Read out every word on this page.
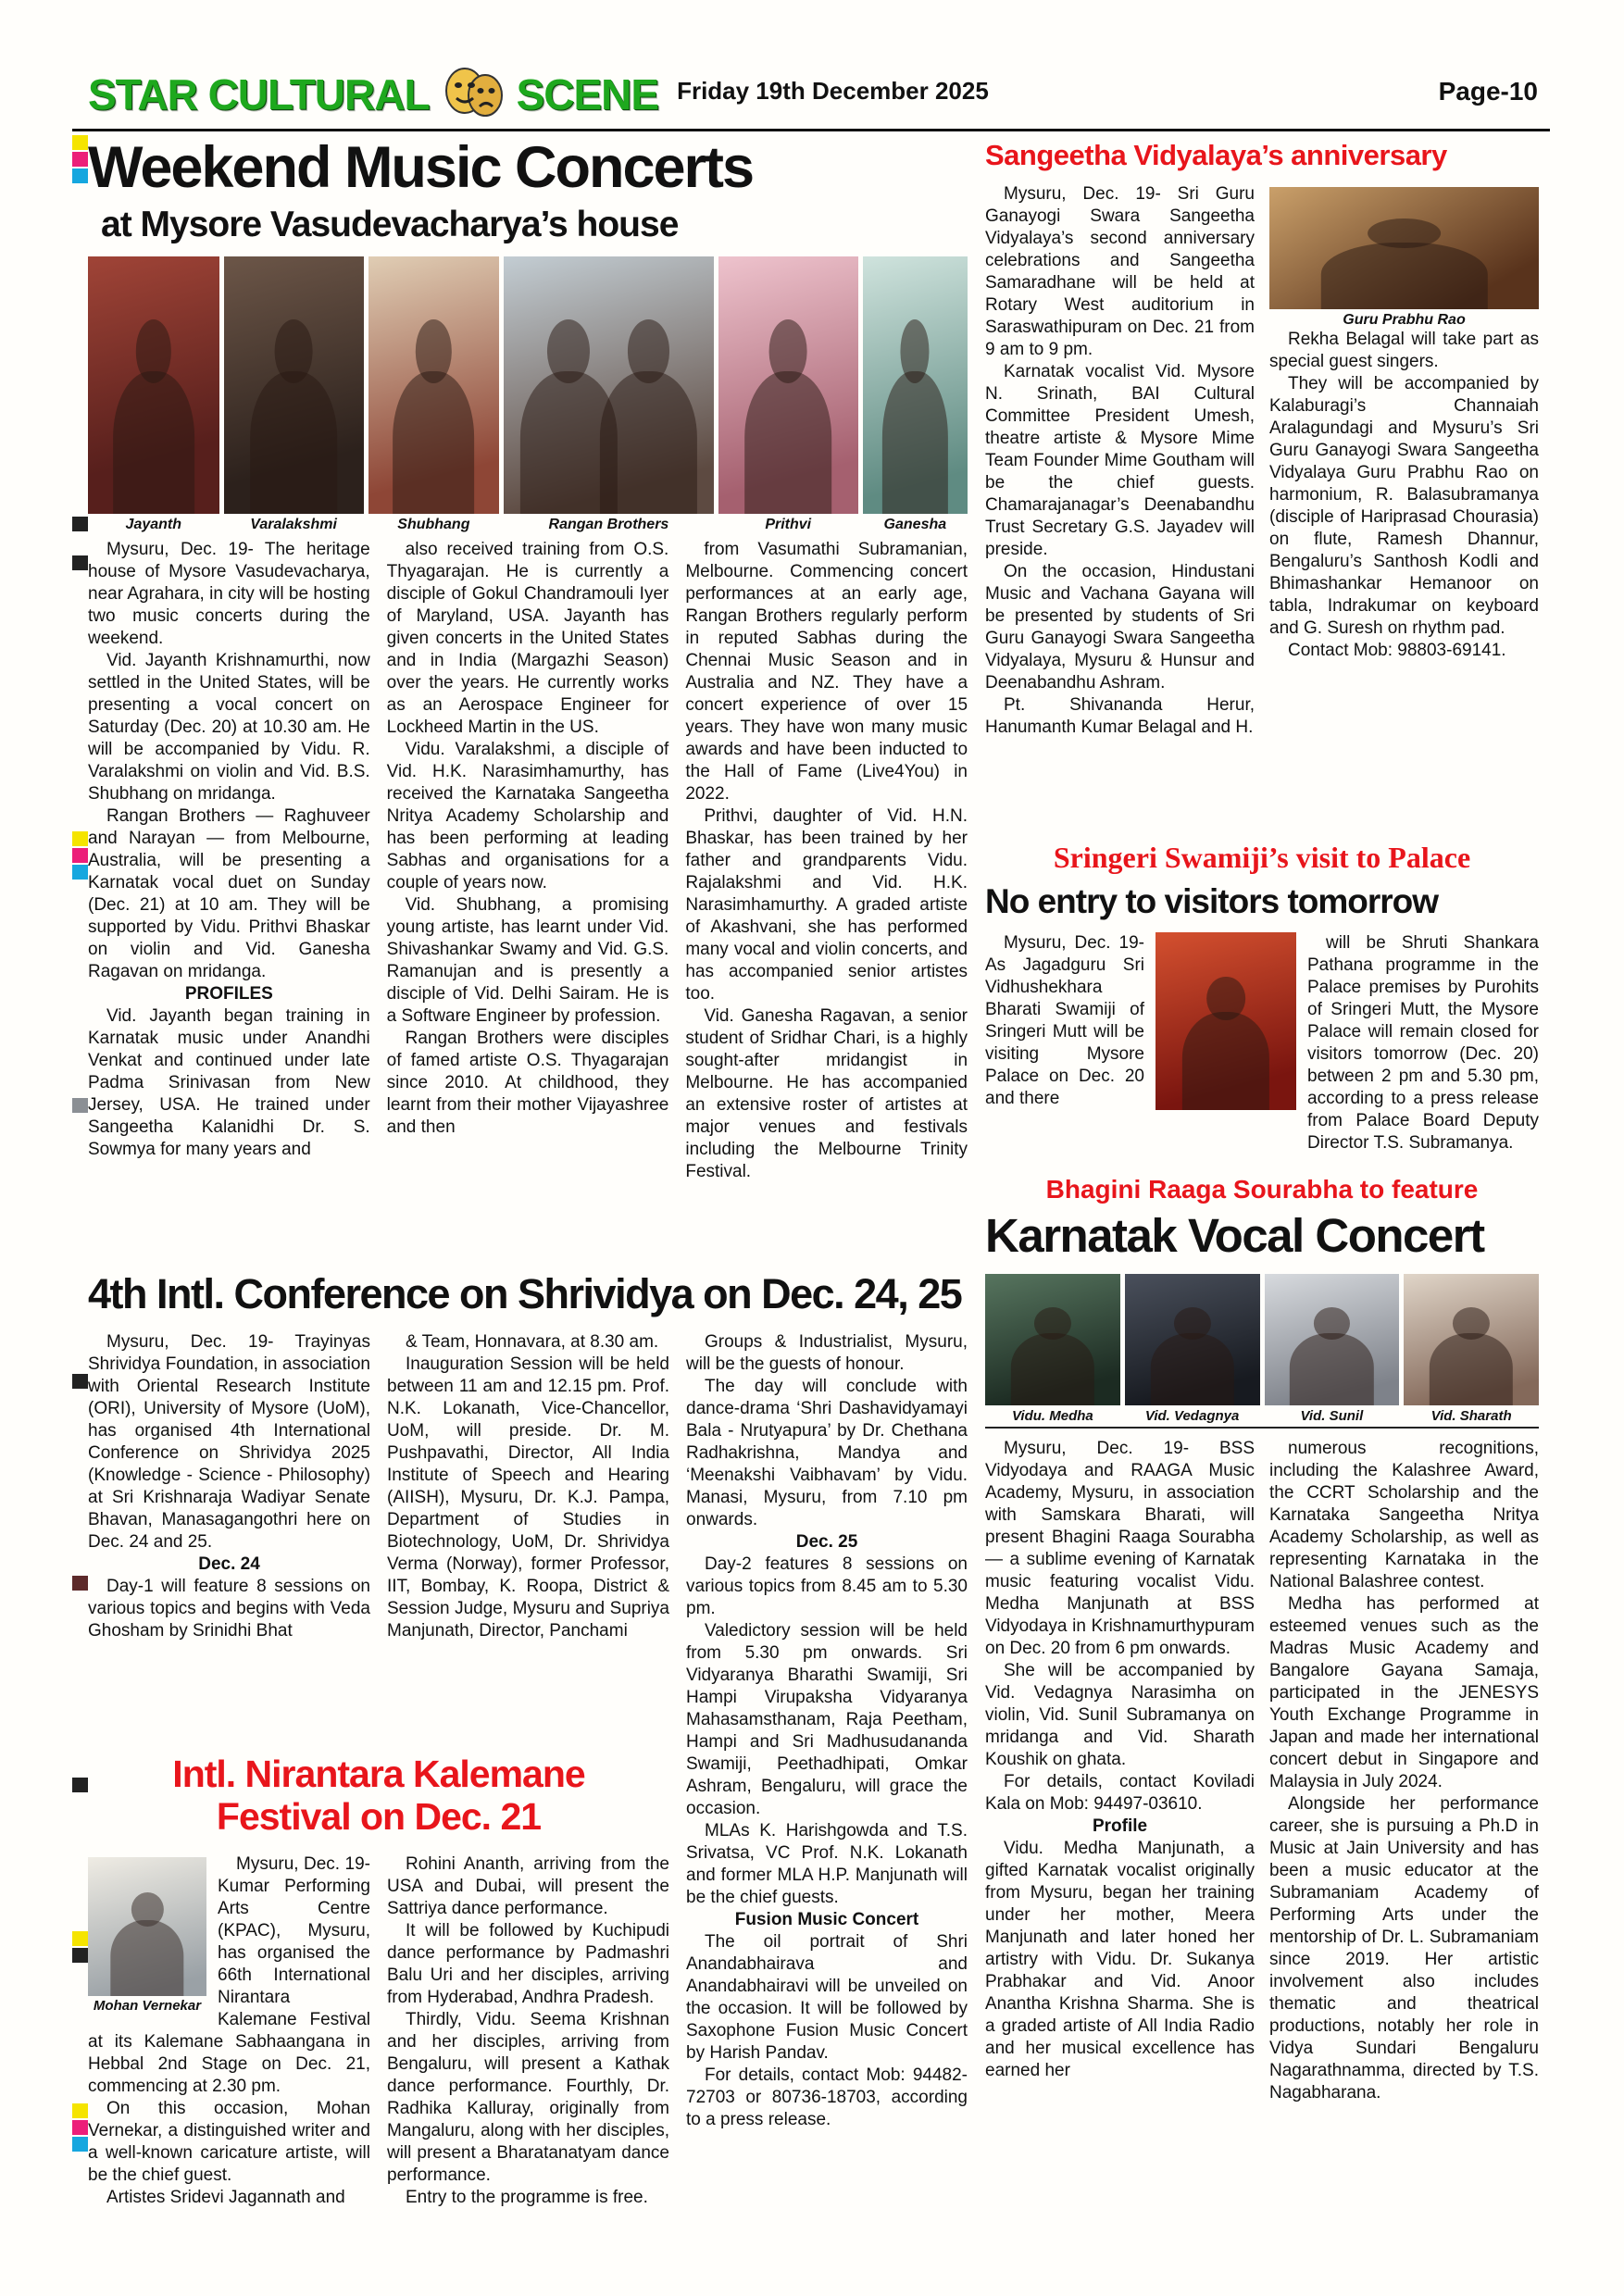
STAR CULTURAL SCENE Friday 19th December 2025	Page-10
Weekend Music Concerts
at Mysore Vasudevacharya’s house
Jayanth	Varalakshmi	Shubhang	Rangan Brothers	Prithvi	Ganesha

Mysuru, Dec. 19- The heritage house of Mysore Vasudevacharya, near Agrahara, in city will be hosting two music concerts during the weekend.

Vid. Jayanth Krishnamurthi, now settled in the United States, will be presenting a vocal concert on Saturday (Dec. 20) at 10.30 am. He will be accompanied by Vidu. R. Varalakshmi on violin and Vid. B.S. Shubhang on mridanga.

Rangan Brothers — Raghuveer and Narayan — from Melbourne, Australia, will be presenting a Karnatak vocal duet on Sunday (Dec. 21) at 10 am. They will be supported by Vidu. Prithvi Bhaskar on violin and Vid. Ganesha Ragavan on mridanga.

PROFILES

Vid. Jayanth began training in Karnatak music under Anandhi Venkat and continued under late Padma Srinivasan from New Jersey, USA. He trained under Sangeetha Kalanidhi Dr. S. Sowmya for many years and

also received training from O.S. Thyagarajan. He is currently a disciple of Gokul Chandramouli Iyer of Maryland, USA. Jayanth has given concerts in the United States and in India (Margazhi Season) over the years. He currently works as an Aerospace Engineer for Lockheed Martin in the US.

Vidu. Varalakshmi, a disciple of Vid. H.K. Narasimhamurthy, has received the Karnataka Sangeetha Nritya Academy Scholarship and has been performing at leading Sabhas and organisations for a couple of years now.

Vid. Shubhang, a promising young artiste, has learnt under Vid. Shivashankar Swamy and Vid. G.S. Ramanujan and is presently a disciple of Vid. Delhi Sairam. He is a Software Engineer by profession.

Rangan Brothers were disciples of famed artiste O.S. Thyagarajan since 2010. At childhood, they learnt from their mother Vijayashree and then

from Vasumathi Subramanian, Melbourne. Commencing concert performances at an early age, Rangan Brothers regularly perform in reputed Sabhas during the Chennai Music Season and in Australia and NZ. They have a concert experience of over 15 years. They have won many music awards and have been inducted to the Hall of Fame (Live4You) in 2022.

Prithvi, daughter of Vid. H.N. Bhaskar, has been trained by her father and grandparents Vidu. Rajalakshmi and Vid. H.K. Narasimhamurthy. A graded artiste of Akashvani, she has performed many vocal and violin concerts, and has accompanied senior artistes too.

Vid. Ganesha Ragavan, a senior student of Sridhar Chari, is a highly sought-after mridangist in Melbourne. He has accompanied an extensive roster of artistes at major venues and festivals including the Melbourne Trinity Festival.

4th Intl. Conference on Shrividya on Dec. 24, 25

Mysuru, Dec. 19- Trayinyas Shrividya Foundation, in association with Oriental Research Institute (ORI), University of Mysore (UoM), has organised 4th International Conference on Shrividya 2025 (Knowledge - Science - Philosophy) at Sri Krishnaraja Wadiyar Senate Bhavan, Manasagangothri here on Dec. 24 and 25.

Dec. 24

Day-1 will feature 8 sessions on various topics and begins with Veda Ghosham by Srinidhi Bhat

& Team, Honnavara, at 8.30 am.

Inauguration Session will be held between 11 am and 12.15 pm. Prof. N.K. Lokanath, Vice-Chancellor, UoM, will preside. Dr. M. Pushpavathi, Director, All India Institute of Speech and Hearing (AIISH), Mysuru, Dr. K.J. Pampa, Department of Studies in Biotechnology, UoM, Dr. Shrividya Verma (Norway), former Professor, IIT, Bombay, K. Roopa, District & Session Judge, Mysuru and Supriya Manjunath, Director, Panchami

Intl. Nirantara Kalemane
Festival on Dec. 21
Mohan Vernekar

Mysuru, Dec. 19- Kumar Performing Arts Centre (KPAC), Mysuru, has organised the 66th International Nirantara Kalemane Festival at its Kalemane Sabhaangana in Hebbal 2nd Stage on Dec. 21, commencing at 2.30 pm.

On this occasion, Mohan Vernekar, a distinguished writer and a well-known caricature artiste, will be the chief guest.

Artistes Sridevi Jagannath and

Rohini Ananth, arriving from the USA and Dubai, will present the Sattriya dance performance.

It will be followed by Kuchipudi dance performance by Padmashri Balu Uri and her disciples, arriving from Hyderabad, Andhra Pradesh.

Thirdly, Vidu. Seema Krishnan and her disciples, arriving from Bengaluru, will present a Kathak dance performance. Fourthly, Dr. Radhika Kalluray, originally from Mangaluru, along with her disciples, will present a Bharatanatyam dance performance.

Entry to the programme is free.

Groups & Industrialist, Mysuru, will be the guests of honour.

The day will conclude with dance-drama ‘Shri Dashavidyamayi Bala - Nrutyapura’ by Dr. Chethana Radhakrishna, Mandya and ‘Meenakshi Vaibhavam’ by Vidu. Manasi, Mysuru, from 7.10 pm onwards.

Dec. 25

Day-2 features 8 sessions on various topics from 8.45 am to 5.30 pm.

Valedictory session will be held from 5.30 pm onwards. Sri Vidyaranya Bharathi Swamiji, Sri Hampi Virupaksha Vidyaranya Mahasamsthanam, Raja Peetham, Hampi and Sri Madhusudananda Swamiji, Peethadhipati, Omkar Ashram, Bengaluru, will grace the occasion.

MLAs K. Harishgowda and T.S. Srivatsa, VC Prof. N.K. Lokanath and former MLA H.P. Manjunath will be the chief guests.

Fusion Music Concert

The oil portrait of Shri Anandabhairava and Anandabhairavi will be unveiled on the occasion. It will be followed by Saxophone Fusion Music Concert by Harish Pandav.

For details, contact Mob: 94482-72703 or 80736-18703, according to a press release.

Sangeetha Vidyalaya’s anniversary

Mysuru, Dec. 19- Sri Guru Ganayogi Swara Sangeetha Vidyalaya’s second anniversary celebrations and Sangeetha Samaradhane will be held at Rotary West auditorium in Saraswathipuram on Dec. 21 from 9 am to 9 pm.

Karnatak vocalist Vid. Mysore N. Srinath, BAI Cultural Committee President Umesh, theatre artiste & Mysore Mime Team Founder Mime Goutham will be the chief guests. Chamarajanagar’s Deenabandhu Trust Secretary G.S. Jayadev will preside.

On the occasion, Hindustani Music and Vachana Gayana will be presented by students of Sri Guru Ganayogi Swara Sangeetha Vidyalaya, Mysuru & Hunsur and Deenabandhu Ashram.

Pt. Shivananda Herur, Hanumanth Kumar Belagal and H.

Guru Prabhu Rao

Rekha Belagal will take part as special guest singers.

They will be accompanied by Kalaburagi’s Channaiah Aralagundagi and Mysuru’s Sri Guru Ganayogi Swara Sangeetha Vidyalaya Guru Prabhu Rao on harmonium, R. Balasubramanya (disciple of Hariprasad Chourasia) on flute, Ramesh Dhannur, Bengaluru’s Santhosh Kodli and Bhimashankar Hemanoor on tabla, Indrakumar on keyboard and G. Suresh on rhythm pad.

Contact Mob: 98803-69141.

Sringeri Swamiji’s visit to Palace
No entry to visitors tomorrow

Mysuru, Dec. 19- As Jagadguru Sri Vidhushekhara Bharati Swamiji of Sringeri Mutt will be visiting Mysore Palace on Dec. 20 and there

will be Shruti Shankara Pathana programme in the Palace premises by Purohits of Sringeri Mutt, the Mysore Palace will remain closed for visitors tomorrow (Dec. 20) between 2 pm and 5.30 pm, according to a press release from Palace Board Deputy Director T.S. Subramanya.

Bhagini Raaga Sourabha to feature
Karnatak Vocal Concert
Vidu. Medha	Vid. Vedagnya	Vid. Sunil	Vid. Sharath

Mysuru, Dec. 19- BSS Vidyodaya and RAAGA Music Academy, Mysuru, in association with Samskara Bharati, will present Bhagini Raaga Sourabha — a sublime evening of Karnatak music featuring vocalist Vidu. Medha Manjunath at BSS Vidyodaya in Krishnamurthypuram on Dec. 20 from 6 pm onwards.

She will be accompanied by Vid. Vedagnya Narasimha on violin, Vid. Sunil Subramanya on mridanga and Vid. Sharath Koushik on ghata.

For details, contact Koviladi Kala on Mob: 94497-03610.

Profile

Vidu. Medha Manjunath, a gifted Karnatak vocalist originally from Mysuru, began her training under her mother, Meera Manjunath and later honed her artistry with Vidu. Dr. Sukanya Prabhakar and Vid. Anoor Anantha Krishna Sharma. She is a graded artiste of All India Radio and her musical excellence has earned her

numerous recognitions, including the Kalashree Award, the CCRT Scholarship and the Karnataka Sangeetha Nritya Academy Scholarship, as well as representing Karnataka in the National Balashree contest.

Medha has performed at esteemed venues such as the Madras Music Academy and Bangalore Gayana Samaja, participated in the JENESYS Youth Exchange Programme in Japan and made her international concert debut in Singapore and Malaysia in July 2024.

Alongside her performance career, she is pursuing a Ph.D in Music at Jain University and has been a music educator at the Subramaniam Academy of Performing Arts under the mentorship of Dr. L. Subramaniam since 2019. Her artistic involvement also includes thematic and theatrical productions, notably her role in Vidya Sundari Bengaluru Nagarathnamma, directed by T.S. Nagabharana.
